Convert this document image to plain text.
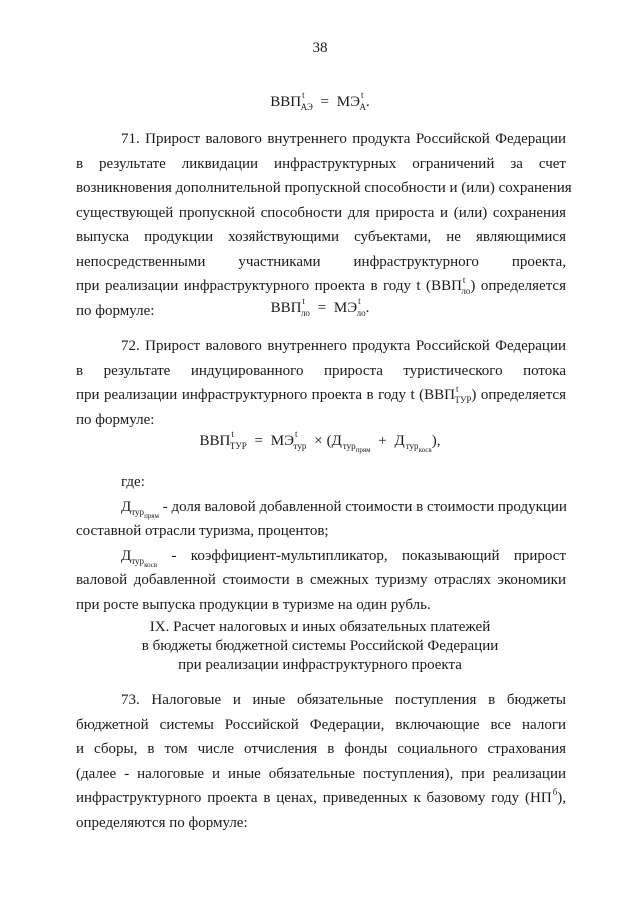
38
$ВВП^t_{АЭ} = МЭ^t_А$.
71. Прирост валового внутреннего продукта Российской Федерации
в результате ликвидации инфраструктурных ограничений за счет
возникновения дополнительной пропускной способности и (или) сохранения
существующей пропускной способности для прироста и (или) сохранения
выпуска продукции хозяйствующими субъектами, не являющимися
непосредственными участниками инфраструктурного проекта,
при реализации инфраструктурного проекта в году t $(ВВП^t_{ло})$ определяется
по формуле:	$ВВП^t_{ло} = МЭ^t_{ло}$.
72. Прирост валового внутреннего продукта Российской Федерации
в результате индуцированного прироста туристического потока
при реализации инфраструктурного проекта в году t $(ВВП^t_{ТУР})$ определяется
по формуле:
$ВВП^t_{ТУР} = МЭ^t_{тур} \times (Д_{турпрям} + Д_{туркосв})$,
где:
$Д_{турпрям}$ - доля валовой добавленной стоимости в стоимости продукции
составной отрасли туризма, процентов;
$Д_{туркосв}$ - коэффициент-мультипликатор, показывающий прирост
валовой добавленной стоимости в смежных туризму отраслях экономики
при росте выпуска продукции в туризме на один рубль.
IX. Расчет налоговых и иных обязательных платежей
в бюджеты бюджетной системы Российской Федерации
при реализации инфраструктурного проекта
73. Налоговые и иные обязательные поступления в бюджеты
бюджетной системы Российской Федерации, включающие все налоги
и сборы, в том числе отчисления в фонды социального страхования
(далее - налоговые и иные обязательные поступления), при реализации
инфраструктурного проекта в ценах, приведенных к базовому году $(НП^б)$,
определяются по формуле:
